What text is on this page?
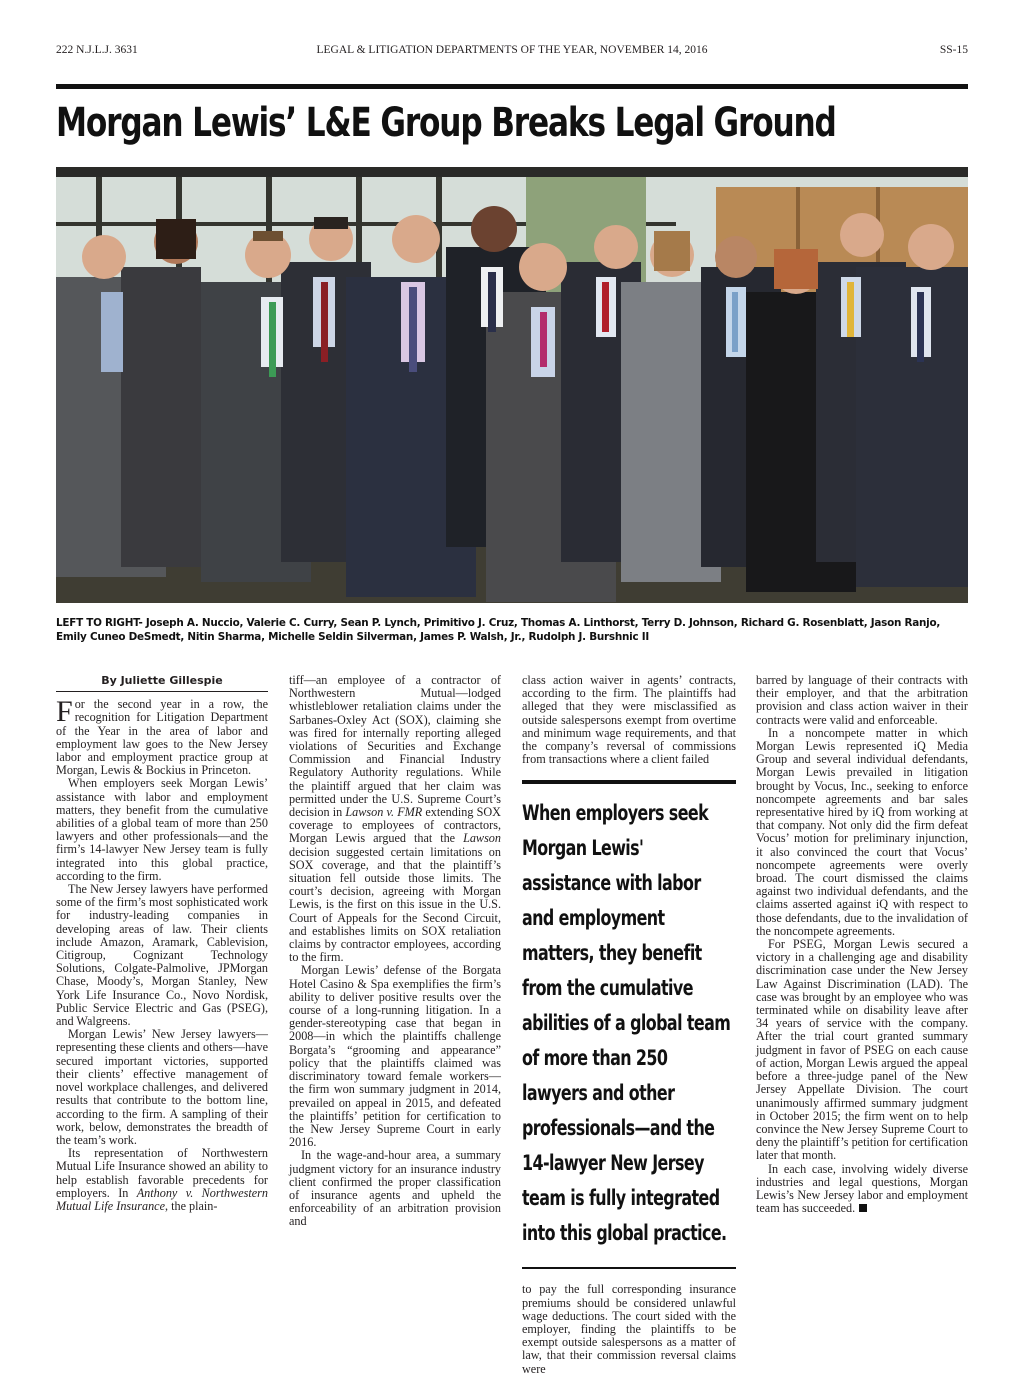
222 N.J.L.J. 3631	LEGAL & LITIGATION DEPARTMENTS OF THE YEAR, NOVEMBER 14, 2016	SS-15
Morgan Lewis’ L&E Group Breaks Legal Ground

LEFT TO RIGHT- Joseph A. Nuccio, Valerie C. Curry, Sean P. Lynch, Primitivo J. Cruz, Thomas A. Linthorst, Terry D. Johnson, Richard G. Rosenblatt, Jason Ranjo, Emily Cuneo DeSmedt, Nitin Sharma, Michelle Seldin Silverman, James P. Walsh, Jr., Rudolph J. Burshnic II

By Juliette Gillespie

For the second year in a row, the recognition for Litigation Department of the Year in the area of labor and employment law goes to the New Jersey labor and employment practice group at Morgan, Lewis & Bockius in Princeton.

When employers seek Morgan Lewis’ assistance with labor and employment matters, they benefit from the cumulative abilities of a global team of more than 250 lawyers and other professionals—and the firm’s 14-lawyer New Jersey team is fully integrated into this global practice, according to the firm.

The New Jersey lawyers have performed some of the firm’s most sophisticated work for industry-leading companies in developing areas of law. Their clients include Amazon, Aramark, Cablevision, Citigroup, Cognizant Technology Solutions, Colgate-Palmolive, JPMorgan Chase, Moody’s, Morgan Stanley, New York Life Insurance Co., Novo Nordisk, Public Service Electric and Gas (PSEG), and Walgreens.

Morgan Lewis’ New Jersey lawyers—representing these clients and others—have secured important victories, supported their clients’ effective management of novel workplace challenges, and delivered results that contribute to the bottom line, according to the firm. A sampling of their work, below, demonstrates the breadth of the team’s work.

Its representation of Northwestern Mutual Life Insurance showed an ability to help establish favorable precedents for employers. In Anthony v. Northwestern Mutual Life Insurance, the plain-

tiff—an employee of a contractor of Northwestern Mutual—lodged whistleblower retaliation claims under the Sarbanes-Oxley Act (SOX), claiming she was fired for internally reporting alleged violations of Securities and Exchange Commission and Financial Industry Regulatory Authority regulations. While the plaintiff argued that her claim was permitted under the U.S. Supreme Court’s decision in Lawson v. FMR extending SOX coverage to employees of contractors, Morgan Lewis argued that the Lawson decision suggested certain limitations on SOX coverage, and that the plaintiff’s situation fell outside those limits. The court’s decision, agreeing with Morgan Lewis, is the first on this issue in the U.S. Court of Appeals for the Second Circuit, and establishes limits on SOX retaliation claims by contractor employees, according to the firm.

Morgan Lewis’ defense of the Borgata Hotel Casino & Spa exemplifies the firm’s ability to deliver positive results over the course of a long-running litigation. In a gender-stereotyping case that began in 2008—in which the plaintiffs challenge Borgata’s “grooming and appearance” policy that the plaintiffs claimed was discriminatory toward female workers—the firm won summary judgment in 2014, prevailed on appeal in 2015, and defeated the plaintiffs’ petition for certification to the New Jersey Supreme Court in early 2016.

In the wage-and-hour area, a summary judgment victory for an insurance industry client confirmed the proper classification of insurance agents and upheld the enforceability of an arbitration provision and

class action waiver in agents’ contracts, according to the firm. The plaintiffs had alleged that they were misclassified as outside salespersons exempt from overtime and minimum wage requirements, and that the company’s reversal of commissions from transactions where a client failed

When employers seek Morgan Lewis' assistance with labor and employment matters, they benefit from the cumulative abilities of a global team of more than 250 lawyers and other professionals—and the 14-lawyer New Jersey team is fully integrated into this global practice.

to pay the full corresponding insurance premiums should be considered unlawful wage deductions. The court sided with the employer, finding the plaintiffs to be exempt outside salespersons as a matter of law, that their commission reversal claims were

barred by language of their contracts with their employer, and that the arbitration provision and class action waiver in their contracts were valid and enforceable.

In a noncompete matter in which Morgan Lewis represented iQ Media Group and several individual defendants, Morgan Lewis prevailed in litigation brought by Vocus, Inc., seeking to enforce noncompete agreements and bar sales representative hired by iQ from working at that company. Not only did the firm defeat Vocus’ motion for preliminary injunction, it also convinced the court that Vocus’ noncompete agreements were overly broad. The court dismissed the claims against two individual defendants, and the claims asserted against iQ with respect to those defendants, due to the invalidation of the noncompete agreements.

For PSEG, Morgan Lewis secured a victory in a challenging age and disability discrimination case under the New Jersey Law Against Discrimination (LAD). The case was brought by an employee who was terminated while on disability leave after 34 years of service with the company. After the trial court granted summary judgment in favor of PSEG on each cause of action, Morgan Lewis argued the appeal before a three-judge panel of the New Jersey Appellate Division. The court unanimously affirmed summary judgment in October 2015; the firm went on to help convince the New Jersey Supreme Court to deny the plaintiff’s petition for certification later that month.

In each case, involving widely diverse industries and legal questions, Morgan Lewis’s New Jersey labor and employment team has succeeded.
